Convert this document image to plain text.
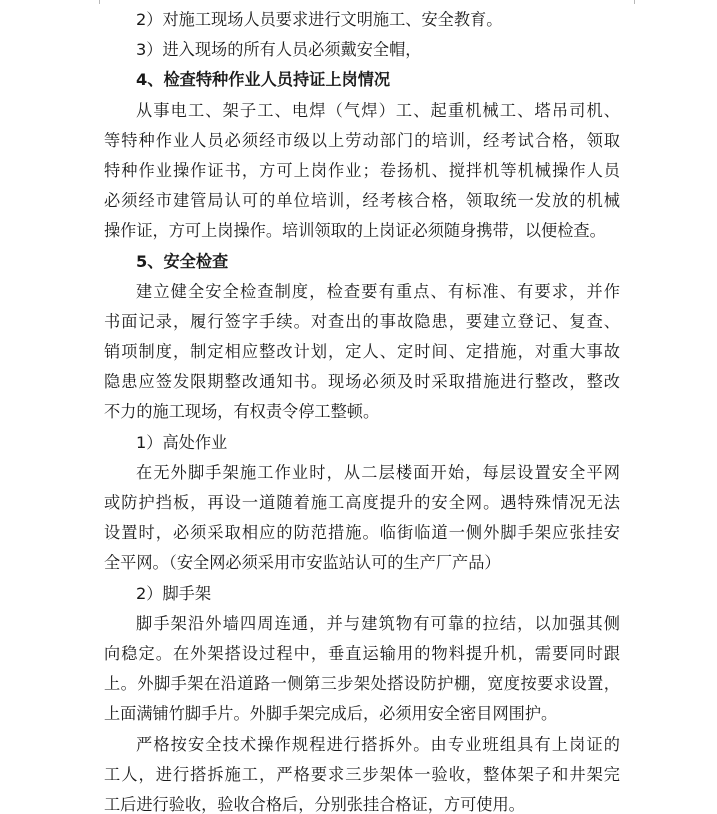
2）对施工现场人员要求进行文明施工、安全教育。
3）进入现场的所有人员必须戴安全帽，
4、检查特种作业人员持证上岗情况
从事电工、架子工、电焊（气焊）工、起重机械工、塔吊司机、
等特种作业人员必须经市级以上劳动部门的培训，经考试合格，领取
特种作业操作证书，方可上岗作业；卷扬机、搅拌机等机械操作人员
必须经市建管局认可的单位培训，经考核合格，领取统一发放的机械
操作证，方可上岗操作。培训领取的上岗证必须随身携带，以便检查。
5、安全检查
建立健全安全检查制度，检查要有重点、有标准、有要求，并作
书面记录，履行签字手续。对查出的事故隐患，要建立登记、复查、
销项制度，制定相应整改计划，定人、定时间、定措施，对重大事故
隐患应签发限期整改通知书。现场必须及时采取措施进行整改，整改
不力的施工现场，有权责令停工整顿。
1）高处作业
在无外脚手架施工作业时，从二层楼面开始，每层设置安全平网
或防护挡板，再设一道随着施工高度提升的安全网。遇特殊情况无法
设置时，必须采取相应的防范措施。临街临道一侧外脚手架应张挂安
全平网。（安全网必须采用市安监站认可的生产厂产品）
2）脚手架
脚手架沿外墙四周连通，并与建筑物有可靠的拉结，以加强其侧
向稳定。在外架搭设过程中，垂直运输用的物料提升机，需要同时跟
上。外脚手架在沿道路一侧第三步架处搭设防护棚，宽度按要求设置，
上面满铺竹脚手片。外脚手架完成后，必须用安全密目网围护。
严格按安全技术操作规程进行搭拆外。由专业班组具有上岗证的
工人，进行搭拆施工，严格要求三步架体一验收，整体架子和井架完
工后进行验收，验收合格后，分别张挂合格证，方可使用。
